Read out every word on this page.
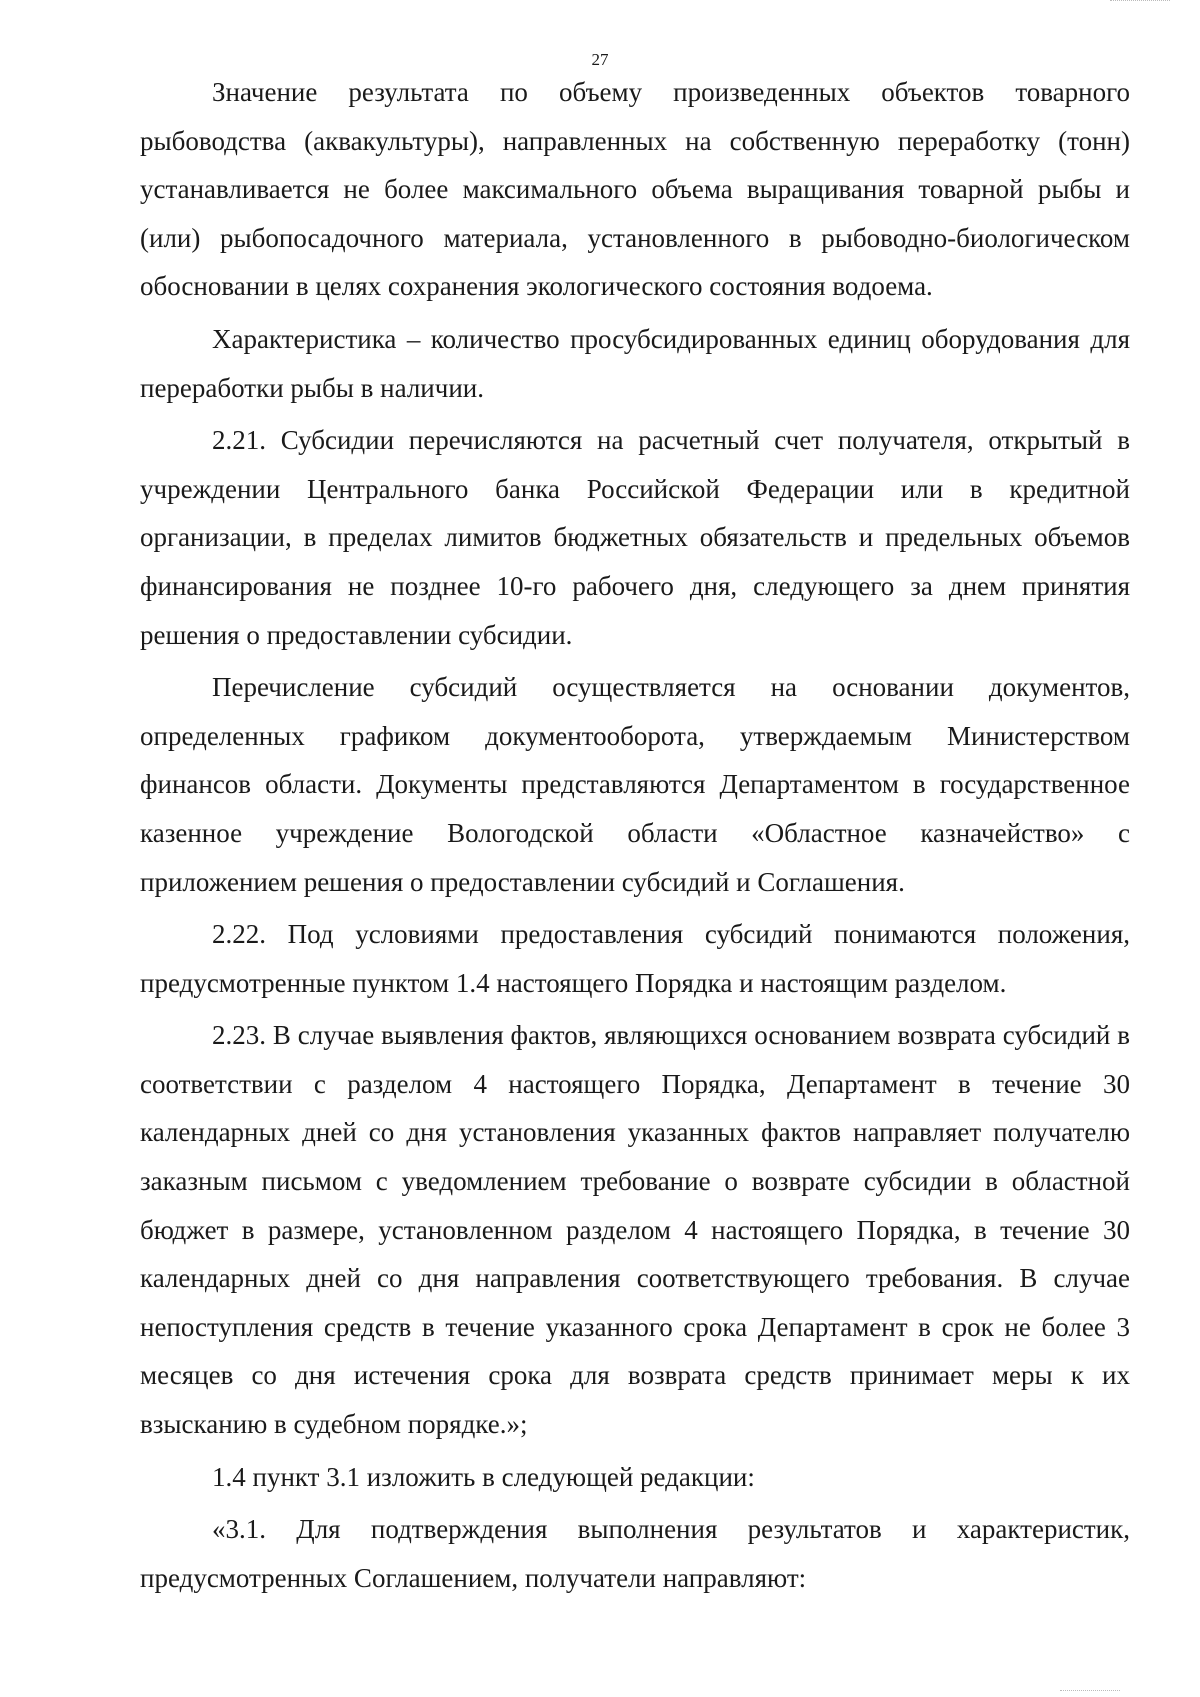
27

Значение результата по объему произведенных объектов товарного рыбоводства (аквакультуры), направленных на собственную переработку (тонн) устанавливается не более максимального объема выращивания товарной рыбы и (или) рыбопосадочного материала, установленного в рыбоводно-биологическом обосновании в целях сохранения экологического состояния водоема.

Характеристика – количество просубсидированных единиц оборудования для переработки рыбы в наличии.

2.21. Субсидии перечисляются на расчетный счет получателя, открытый в учреждении Центрального банка Российской Федерации или в кредитной организации, в пределах лимитов бюджетных обязательств и предельных объемов финансирования не позднее 10-го рабочего дня, следующего за днем принятия решения о предоставлении субсидии.

Перечисление субсидий осуществляется на основании документов, определенных графиком документооборота, утверждаемым Министерством финансов области. Документы представляются Департаментом в государственное казенное учреждение Вологодской области «Областное казначейство» с приложением решения о предоставлении субсидий и Соглашения.

2.22. Под условиями предоставления субсидий понимаются положения, предусмотренные пунктом 1.4 настоящего Порядка и настоящим разделом.

2.23. В случае выявления фактов, являющихся основанием возврата субсидий в соответствии с разделом 4 настоящего Порядка, Департамент в течение 30 календарных дней со дня установления указанных фактов направляет получателю заказным письмом с уведомлением требование о возврате субсидии в областной бюджет в размере, установленном разделом 4 настоящего Порядка, в течение 30 календарных дней со дня направления соответствующего требования. В случае непоступления средств в течение указанного срока Департамент в срок не более 3 месяцев со дня истечения срока для возврата средств принимает меры к их взысканию в судебном порядке.»;

1.4 пункт 3.1 изложить в следующей редакции:

«3.1. Для подтверждения выполнения результатов и характеристик, предусмотренных Соглашением, получатели направляют:
